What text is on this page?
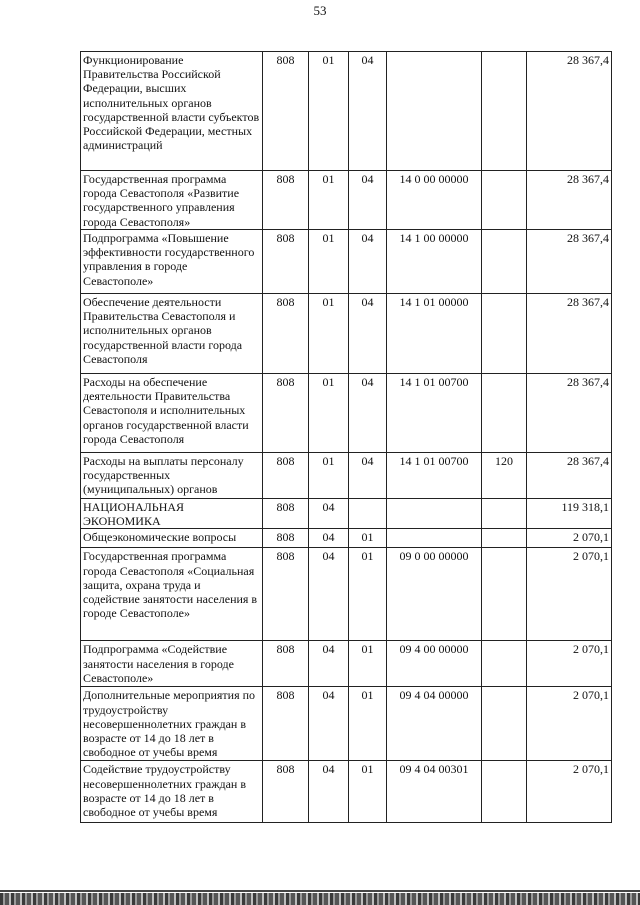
53
Функционирование Правительства Российской Федерации, высших исполнительных органов государственной власти субъектов Российской Федерации, местных администраций	808	01	04			28 367,4
Государственная программа города Севастополя «Развитие государственного управления города Севастополя»	808	01	04	14 0 00 00000		28 367,4
Подпрограмма «Повышение эффективности государственного управления в городе Севастополе»	808	01	04	14 1 00 00000		28 367,4
Обеспечение деятельности Правительства Севастополя и исполнительных органов государственной власти города Севастополя	808	01	04	14 1 01 00000		28 367,4
Расходы на обеспечение деятельности Правительства Севастополя и исполнительных органов государственной власти города Севастополя	808	01	04	14 1 01 00700		28 367,4
Расходы на выплаты персоналу государственных (муниципальных) органов	808	01	04	14 1 01 00700	120	28 367,4
НАЦИОНАЛЬНАЯ ЭКОНОМИКА	808	04				119 318,1
Общеэкономические вопросы	808	04	01			2 070,1
Государственная программа города Севастополя «Социальная защита, охрана труда и содействие занятости населения в городе Севастополе»	808	04	01	09 0 00 00000		2 070,1
Подпрограмма «Содействие занятости населения в городе Севастополе»	808	04	01	09 4 00 00000		2 070,1
Дополнительные мероприятия по трудоустройству несовершеннолетних граждан в возрасте от 14 до 18 лет в свободное от учебы время	808	04	01	09 4 04 00000		2 070,1
Содействие трудоустройству несовершеннолетних граждан в возрасте от 14 до 18 лет в свободное от учебы время	808	04	01	09 4 04 00301		2 070,1
